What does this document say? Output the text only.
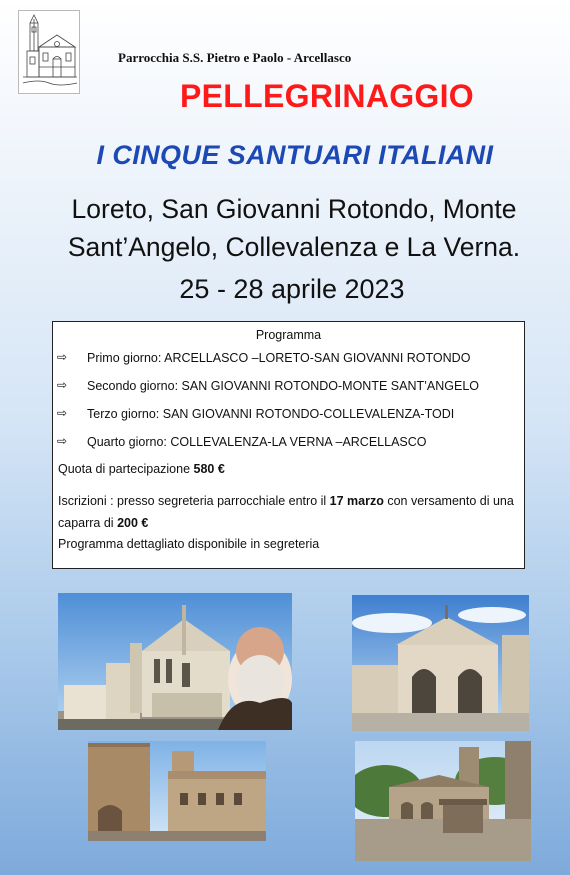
Parrocchia S.S. Pietro e Paolo - Arcellasco
PELLEGRINAGGIO
I CINQUE SANTUARI ITALIANI
Loreto, San Giovanni Rotondo, Monte
Sant’Angelo, Collevalenza e La Verna.
25 - 28 aprile 2023
Programma
⇨ Primo giorno: ARCELLASCO –LORETO-SAN GIOVANNI ROTONDO
⇨ Secondo giorno: SAN GIOVANNI ROTONDO-MONTE SANT’ANGELO
⇨ Terzo giorno: SAN GIOVANNI ROTONDO-COLLEVALENZA-TODI
⇨ Quarto giorno: COLLEVALENZA-LA VERNA –ARCELLASCO
Quota di partecipazione 580 €
Iscrizioni : presso segreteria parrocchiale entro il 17 marzo con versamento di una caparra di 200 €
Programma dettagliato disponibile in segreteria
